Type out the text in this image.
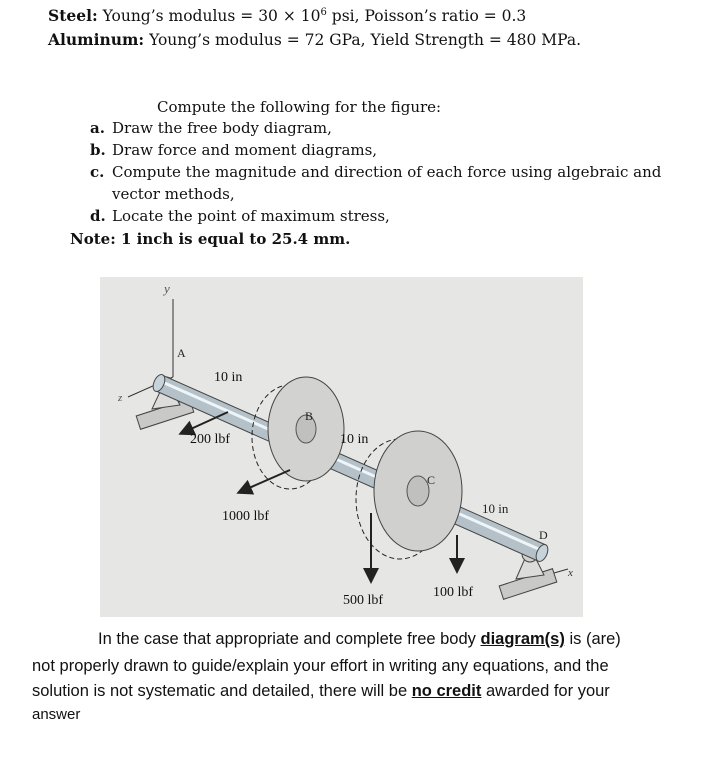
Steel: Young’s modulus = $30 \times 10^6$ psi, Poisson’s ratio = 0.3
Aluminum: Young’s modulus = 72 GPa, Yield Strength = 480 MPa.
Compute the following for the figure:
a. Draw the free body diagram,
b. Draw force and moment diagrams,
c. Compute the magnitude and direction of each force using algebraic and
vector methods,
d. Locate the point of maximum stress,
Note: 1 inch is equal to 25.4 mm.
y
z
x
A
10 in
B
200 lbf	10 in
C
1000 lbf
10 in
D
500 lbf
100 lbf
In the case that appropriate and complete free body diagram(s) is (are)
not properly drawn to guide/explain your effort in writing any equations, and the
solution is not systematic and detailed, there will be no credit awarded for your
answer
